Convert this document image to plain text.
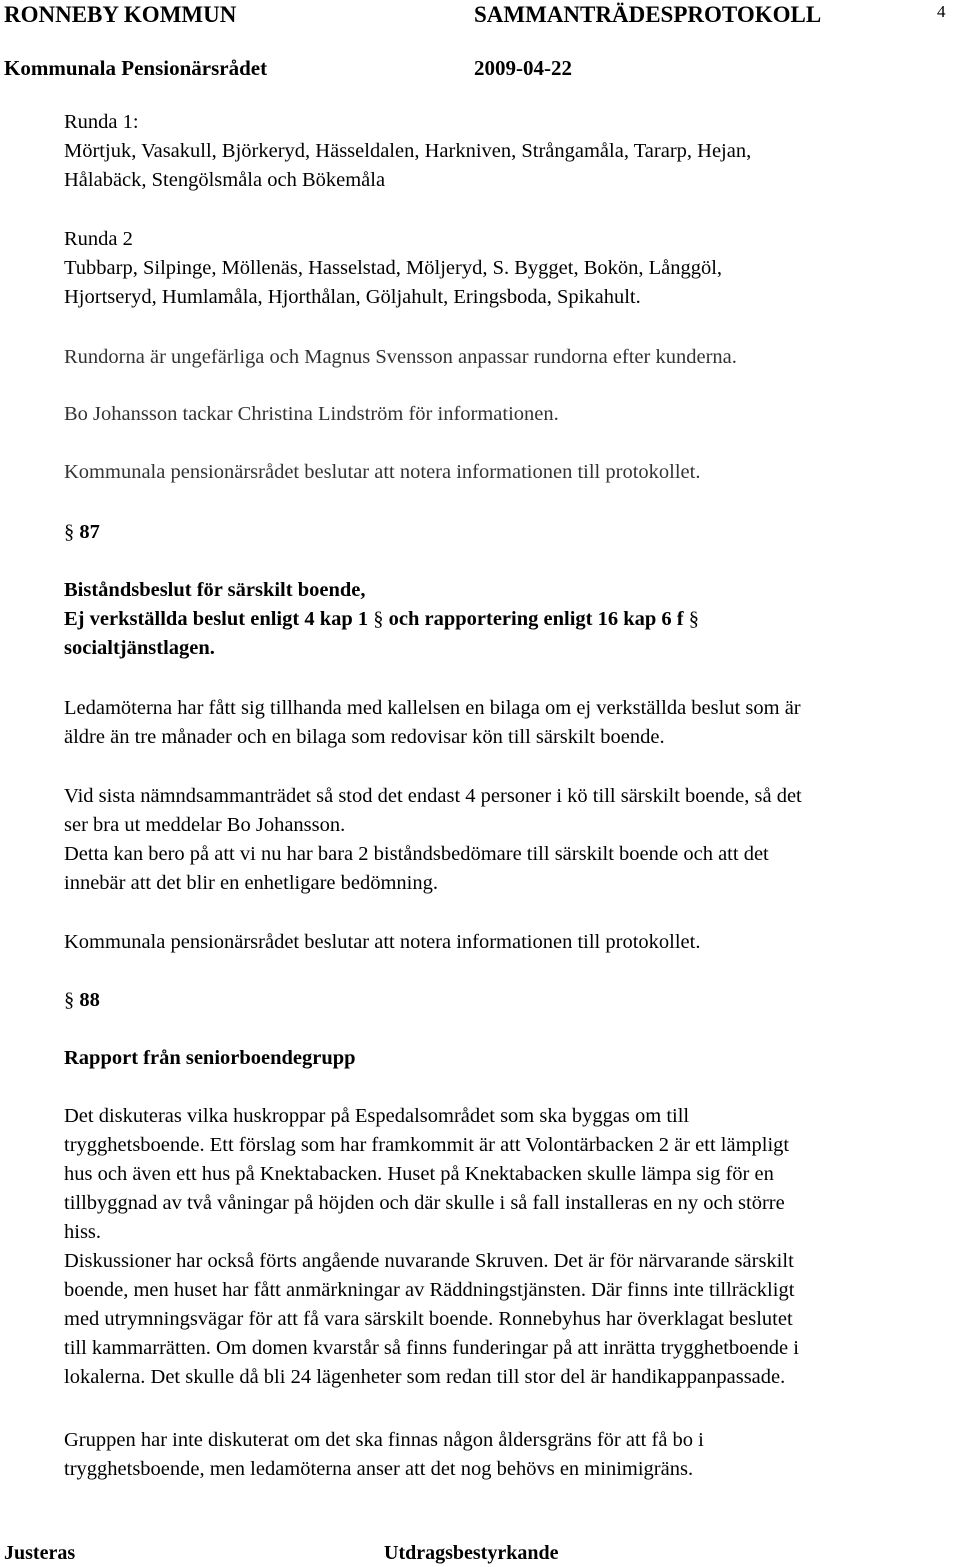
RONNEBY KOMMUN	SAMMANTRÄDESPROTOKOLL	4
Kommunala Pensionärsrådet	2009-04-22

Runda 1:

Mörtjuk, Vasakull, Björkeryd, Hässeldalen, Harkniven, Strångamåla, Tararp, Hejan,

Hålabäck, Stengölsmåla och Bökemåla

Runda 2

Tubbarp, Silpinge, Möllenäs, Hasselstad, Möljeryd, S. Bygget, Bokön, Långgöl,

Hjortseryd, Humlamåla, Hjorthålan, Göljahult, Eringsboda, Spikahult.

Rundorna är ungefärliga och Magnus Svensson anpassar rundorna efter kunderna.
Bo Johansson tackar Christina Lindström för informationen.
Kommunala pensionärsrådet beslutar att notera informationen till protokollet.
§ 87

Biståndsbeslut för särskilt boende,

Ej verkställda beslut enligt 4 kap 1 § och rapportering enligt 16 kap 6 f §

socialtjänstlagen.

Ledamöterna har fått sig tillhanda med kallelsen en bilaga om ej verkställda beslut som är

äldre än tre månader och en bilaga som redovisar kön till särskilt boende.

Vid sista nämndsammanträdet så stod det endast 4 personer i kö till särskilt boende, så det

ser bra ut meddelar Bo Johansson.

Detta kan bero på att vi nu har bara 2 biståndsbedömare till särskilt boende och att det

innebär att det blir en enhetligare bedömning.

Kommunala pensionärsrådet beslutar att notera informationen till protokollet.
§ 88
Rapport från seniorboendegrupp

Det diskuteras vilka huskroppar på Espedalsområdet som ska byggas om till

trygghetsboende. Ett förslag som har framkommit är att Volontärbacken 2 är ett lämpligt

hus och även ett hus på Knektabacken. Huset på Knektabacken skulle lämpa sig för en

tillbyggnad av två våningar på höjden och där skulle i så fall installeras en ny och större

hiss.

Diskussioner har också förts angående nuvarande Skruven. Det är för närvarande särskilt

boende, men huset har fått anmärkningar av Räddningstjänsten. Där finns inte tillräckligt

med utrymningsvägar för att få vara särskilt boende. Ronnebyhus har överklagat beslutet

till kammarrätten. Om domen kvarstår så finns funderingar på att inrätta trygghetboende i

lokalerna. Det skulle då bli 24 lägenheter som redan till stor del är handikappanpassade.

Gruppen har inte diskuterat om det ska finnas någon åldersgräns för att få bo i

trygghetsboende, men ledamöterna anser att det nog behövs en minimigräns.

Justeras	Utdragsbestyrkande
